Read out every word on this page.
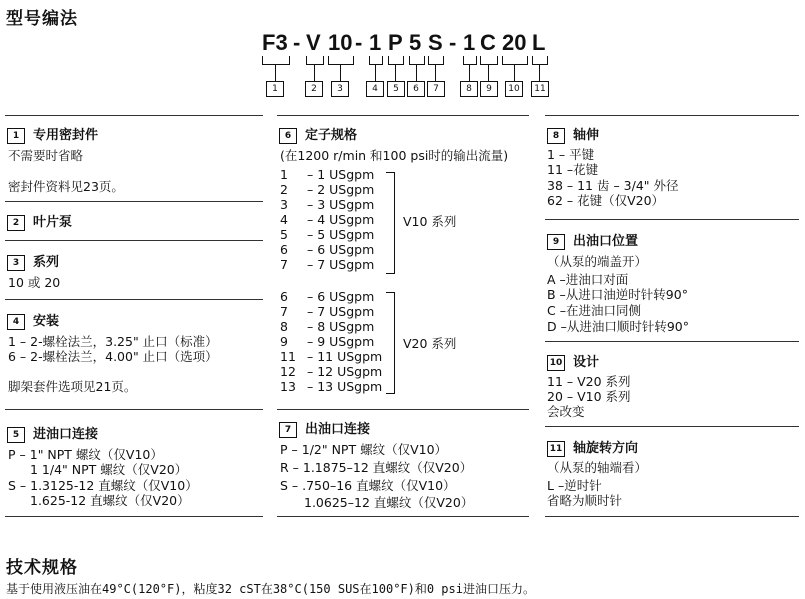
型号编法
F3 - V 10 - 1 P 5 S - 1 C 20 L
1	2	3	4	5	6	7	8	9	10	11
1 专用密封件
不需要时省略
密封件资料见23页。
2 叶片泵
3 系列
10 或 20
4 安装
1 – 2-螺栓法兰，3.25" 止口（标准）
6 – 2-螺栓法兰，4.00" 止口（选项）
脚架套件选项见21页。
5 进油口连接
P – 1" NPT 螺纹（仅V10）
1 1/4" NPT 螺纹（仅V20）
S – 1.3125-12 直螺纹（仅V10）
1.625-12 直螺纹（仅V20）
6 定子规格
(在1200 r/min 和100 psi时的输出流量)
1 – 1 USgpm
2 – 2 USgpm
3 – 3 USgpm
4 – 4 USgpm
5 – 5 USgpm
6 – 6 USgpm
7 – 7 USgpm
V10 系列
6 – 6 USgpm
7 – 7 USgpm
8 – 8 USgpm
9 – 9 USgpm
11 – 11 USgpm
12 – 12 USgpm
13 – 13 USgpm
V20 系列
7 出油口连接
P – 1/2" NPT 螺纹（仅V10）
R – 1.1875–12 直螺纹（仅V20）
S – .750–16 直螺纹（仅V10）
1.0625–12 直螺纹（仅V20）
8 轴伸
1 – 平键
11 –花键
38 – 11 齿 – 3/4" 外径
62 – 花键（仅V20）
9 出油口位置
（从泵的端盖开）
A –进油口对面
B –从进口油逆时针转90°
C –在进油口同侧
D –从进油口顺时针转90°
10 设计
11 – V20 系列
20 – V10 系列
会改变
11 轴旋转方向
（从泵的轴端看）
L –逆时针
省略为顺时针
技术规格
基于使用液压油在49°C(120°F)，粘度32 cST在38°C(150 SUS在100°F)和0 psi进油口压力。
